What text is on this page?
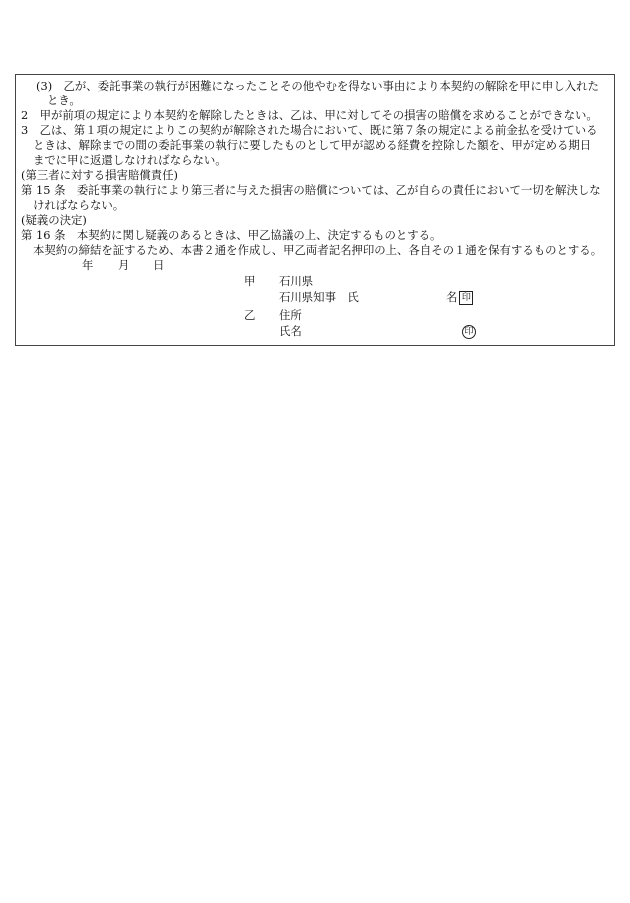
(3)　乙が、委託事業の執行が困難になったことその他やむを得ない事由により本契約の解除を甲に申し入れた
とき。
2　甲が前項の規定により本契約を解除したときは、乙は、甲に対してその損害の賠償を求めることができない。
3　乙は、第１項の規定によりこの契約が解除された場合において、既に第７条の規定による前金払を受けている
ときは、解除までの間の委託事業の執行に要したものとして甲が認める経費を控除した額を、甲が定める期日
までに甲に返還しなければならない。
(第三者に対する損害賠償責任)
第 15 条　委託事業の執行により第三者に与えた損害の賠償については、乙が自らの責任において一切を解決しな
ければならない。
(疑義の決定)
第 16 条　本契約に関し疑義のあるときは、甲乙協議の上、決定するものとする。
本契約の締結を証するため、本書２通を作成し、甲乙両者記名押印の上、各自その１通を保有するものとする。
年 月 日
甲 石川県
石川県知事　氏	名 印
乙 住所
氏名	印
